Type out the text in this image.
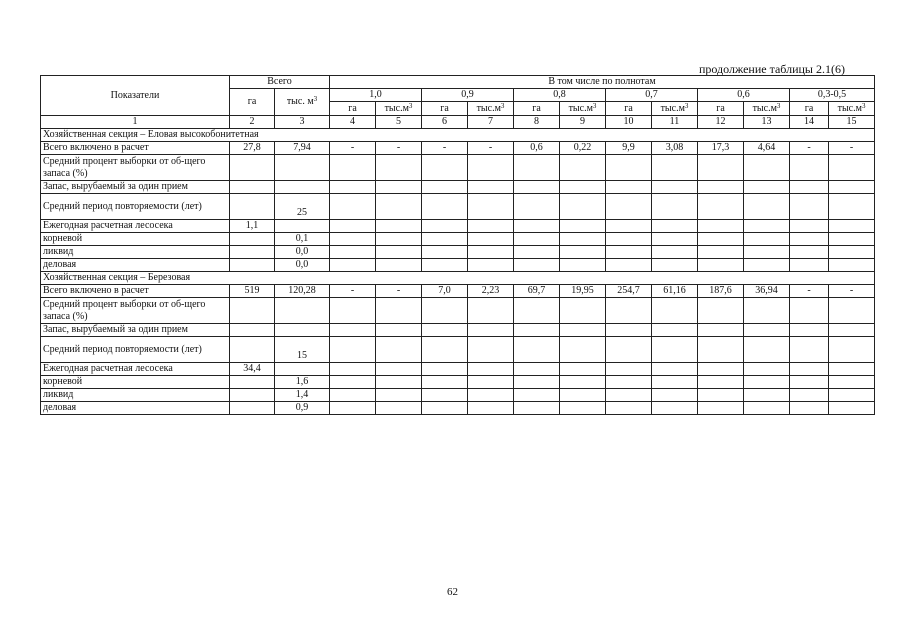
продолжение таблицы 2.1(6)
Показатели	Всего		В том числе по полнотам											
	га	тыс. $м^3$	1,0		0,9		0,8		0,7		0,6		0,3-0,5	
			га	$тыс.м^3$	га	$тыс.м^3$	га	$тыс.м^3$	га	$тыс.м^3$	га	$тыс.м^3$	га	$тыс.м^3$
1	2	3	4	5	6	7	8	9	10	11	12	13	14	15
Хозяйственная секция – Еловая высокобонитетная														
Всего включено в расчет	27,8	7,94	-	-	-	-	0,6	0,22	9,9	3,08	17,3	4,64	-	-
Средний процент выборки от об-щего запаса (%)														
Запас, вырубаемый за один прием														
Средний период повторяемости (лет)		25												
Ежегодная расчетная лесосека	1,1													
корневой		0,1												
ликвид		0,0												
деловая		0,0												
Хозяйственная секция – Березовая														
Всего включено в расчет	519	120,28	-	-	7,0	2,23	69,7	19,95	254,7	61,16	187,6	36,94	-	-
Средний процент выборки от об-щего запаса (%)														
Запас, вырубаемый за один прием														
Средний период повторяемости (лет)		15												
Ежегодная расчетная лесосека	34,4													
корневой		1,6												
ликвид		1,4												
деловая		0,9												
62
